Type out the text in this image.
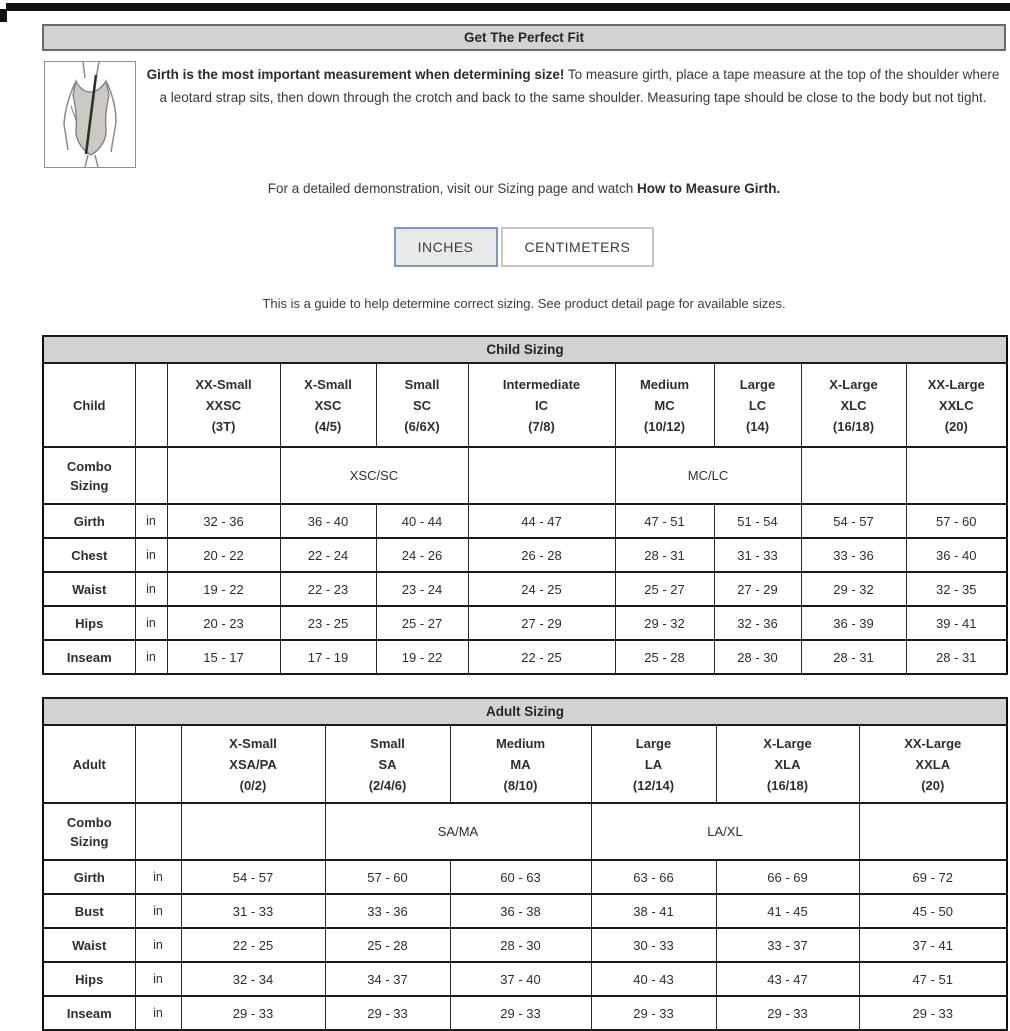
Get The Perfect Fit
Girth is the most important measurement when determining size! To measure girth, place a tape measure at the top of the shoulder where a leotard strap sits, then down through the crotch and back to the same shoulder. Measuring tape should be close to the body but not tight.
For a detailed demonstration, visit our Sizing page and watch How to Measure Girth.
INCHES	CENTIMETERS
This is a guide to help determine correct sizing. See product detail page for available sizes.
Child Sizing									
Child		XX-Small
XXSC
(3T)	X-Small
XSC
(4/5)	Small
SC
(6/6X)	Intermediate
IC
(7/8)	Medium
MC
(10/12)	Large
LC
(14)	X-Large
XLC
(16/18)	XX-Large
XXLC
(20)

Combo Sizing			XSC/SC			MC/LC			
Girth	in	32 - 36	36 - 40	40 - 44	44 - 47	47 - 51	51 - 54	54 - 57	57 - 60
Chest	in	20 - 22	22 - 24	24 - 26	26 - 28	28 - 31	31 - 33	33 - 36	36 - 40
Waist	in	19 - 22	22 - 23	23 - 24	24 - 25	25 - 27	27 - 29	29 - 32	32 - 35
Hips	in	20 - 23	23 - 25	25 - 27	27 - 29	29 - 32	32 - 36	36 - 39	39 - 41
Inseam	in	15 - 17	17 - 19	19 - 22	22 - 25	25 - 28	28 - 30	28 - 31	28 - 31
Adult Sizing							
Adult		X-Small
XSA/PA
(0/2)	Small
SA
(2/4/6)	Medium
MA
(8/10)	Large
LA
(12/14)	X-Large
XLA
(16/18)	XX-Large
XXLA
(20)

Combo Sizing			SA/MA		LA/XL		
Girth	in	54 - 57	57 - 60	60 - 63	63 - 66	66 - 69	69 - 72
Bust	in	31 - 33	33 - 36	36 - 38	38 - 41	41 - 45	45 - 50
Waist	in	22 - 25	25 - 28	28 - 30	30 - 33	33 - 37	37 - 41
Hips	in	32 - 34	34 - 37	37 - 40	40 - 43	43 - 47	47 - 51
Inseam	in	29 - 33	29 - 33	29 - 33	29 - 33	29 - 33	29 - 33
